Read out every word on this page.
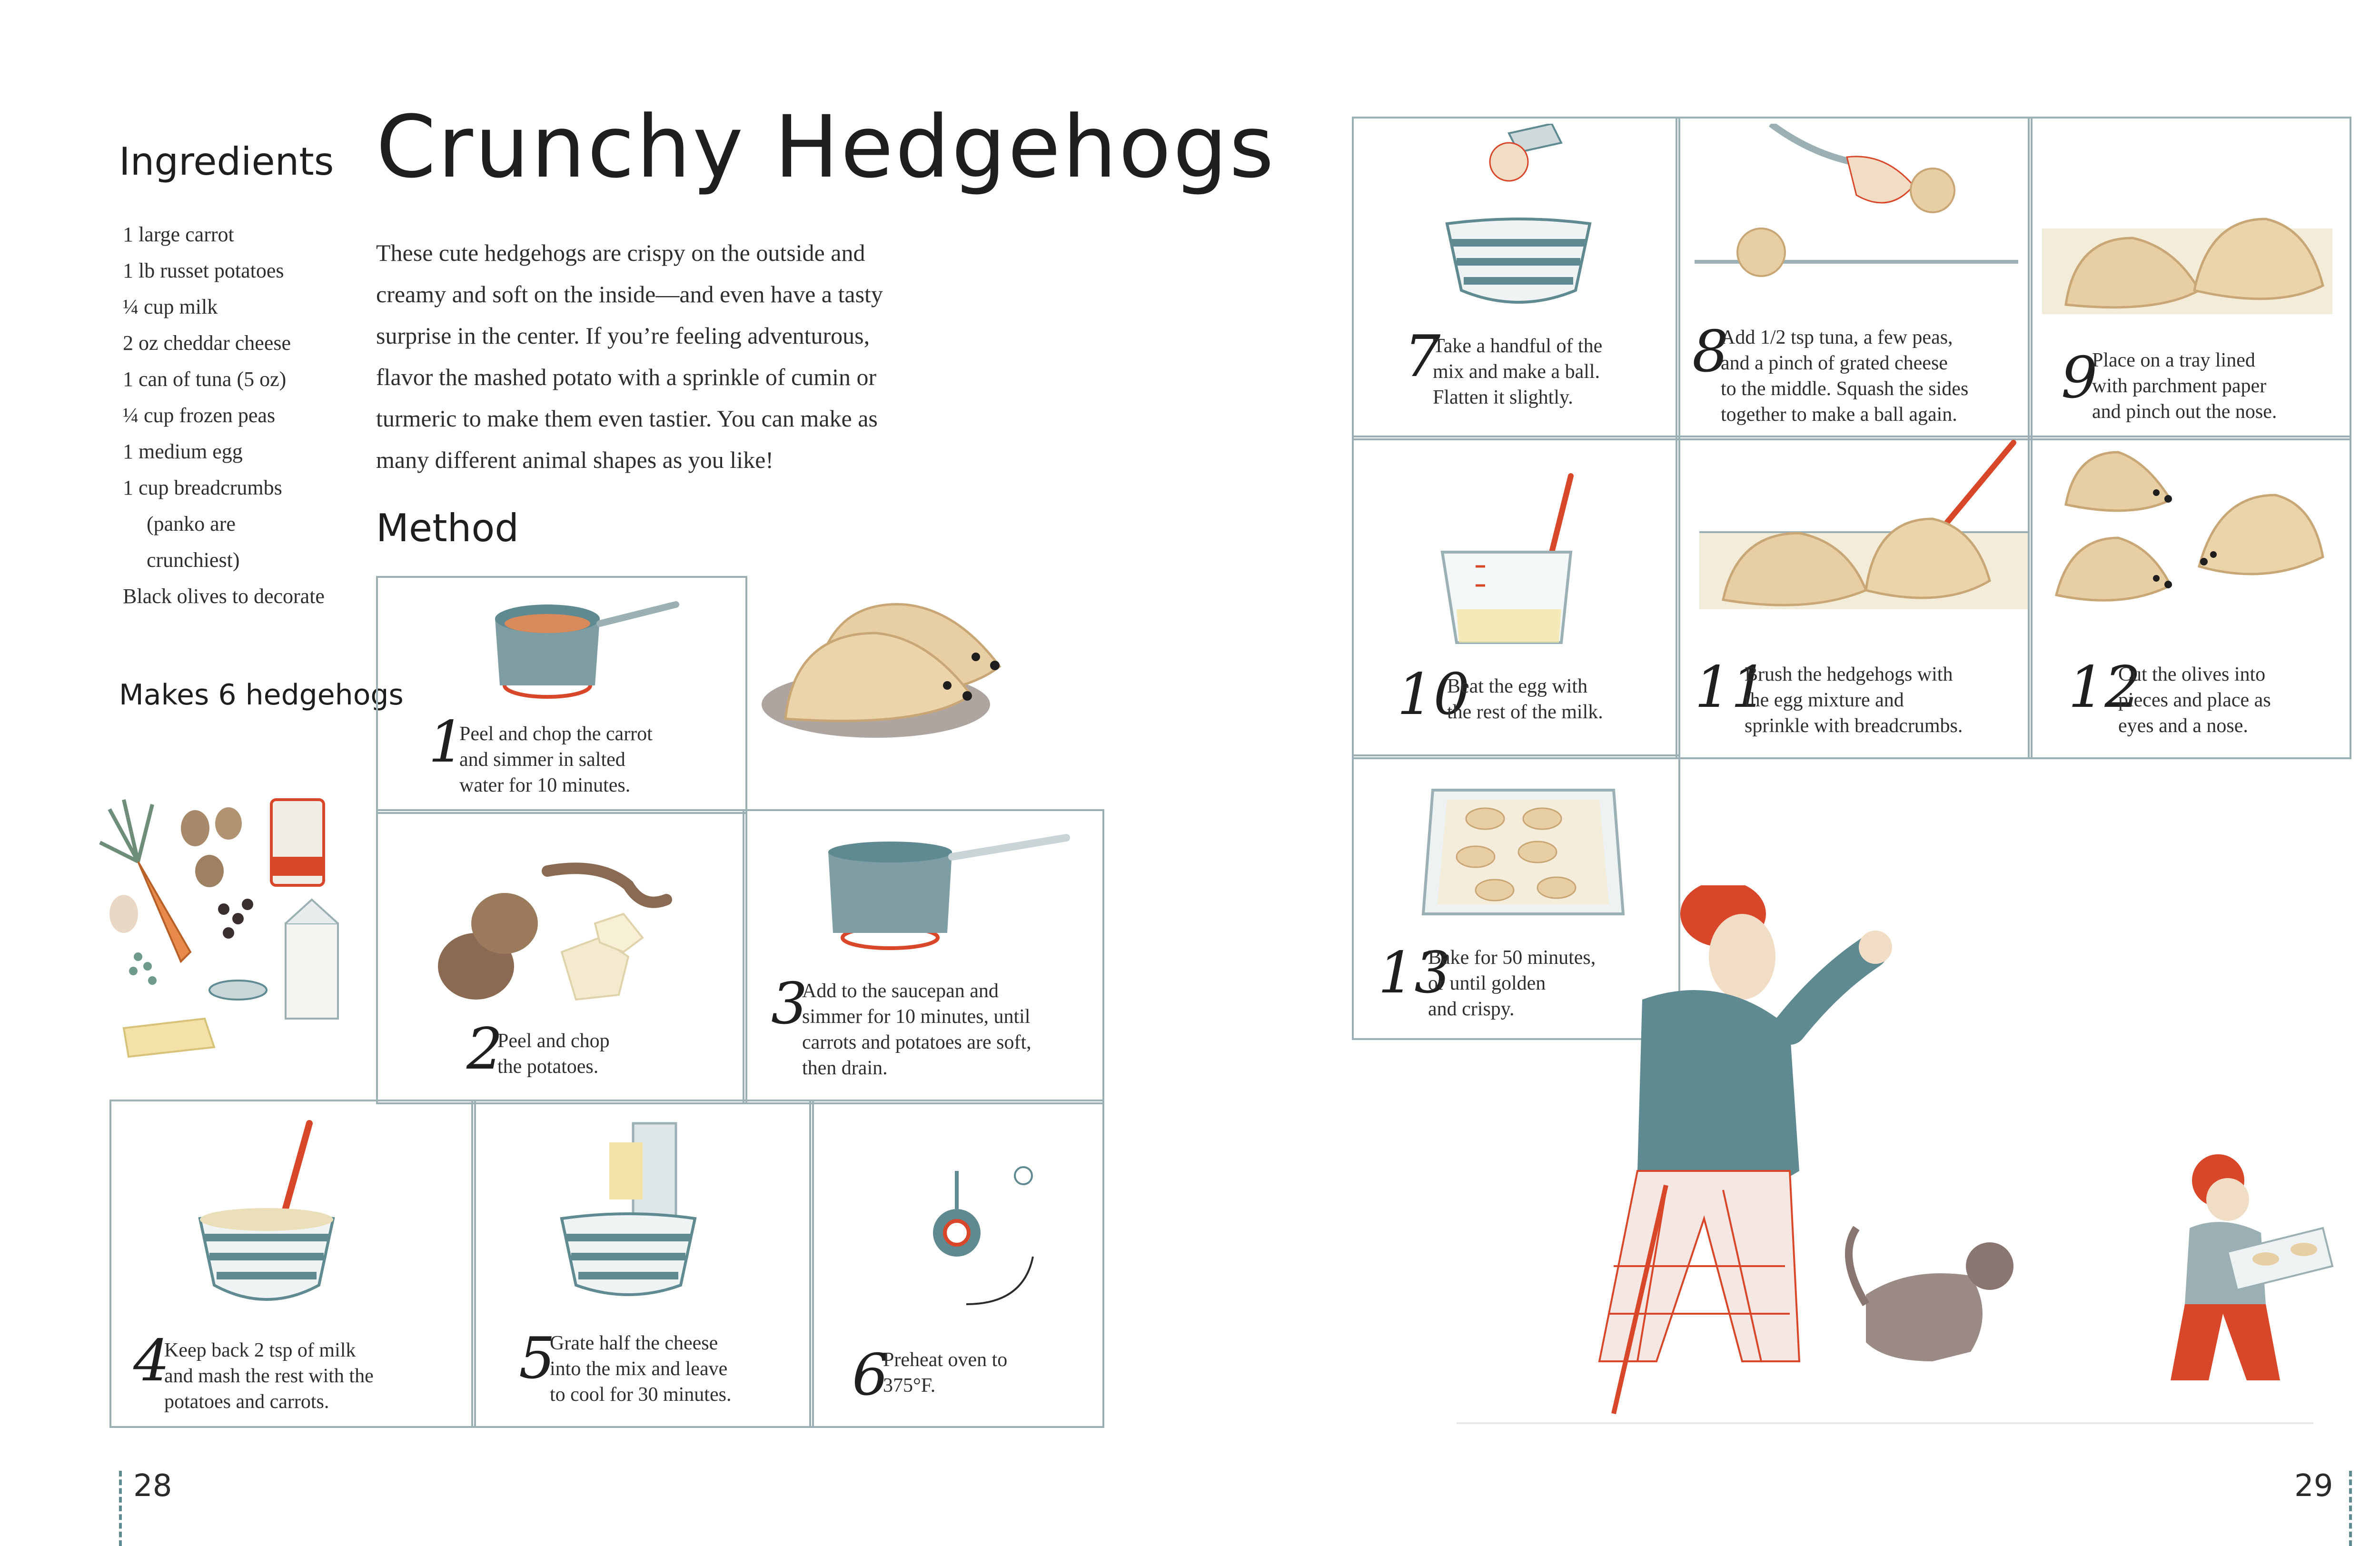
Crunchy Hedgehogs
Ingredients
1 large carrot
1 lb russet potatoes
¼ cup milk
2 oz cheddar cheese
1 can of tuna (5 oz)
¼ cup frozen peas
1 medium egg
1 cup breadcrumbs
(panko are
crunchiest)
Black olives to decorate
Makes 6 hedgehogs
These cute hedgehogs are crispy on the outside and
creamy and soft on the inside—and even have a tasty
surprise in the center. If you’re feeling adventurous,
flavor the mashed potato with a sprinkle of cumin or
turmeric to make them even tastier. You can make as
many different animal shapes as you like!
Method
1
Peel and chop the carrot
and simmer in salted
water for 10 minutes.
2
Peel and chop
the potatoes.
3
Add to the saucepan and
simmer for 10 minutes, until
carrots and potatoes are soft,
then drain.
4
Keep back 2 tsp of milk
and mash the rest with the
potatoes and carrots.
5
Grate half the cheese
into the mix and leave
to cool for 30 minutes. 6
Preheat oven to
375°F.
28
7
Take a handful of the
mix and make a ball.
Flatten it slightly.
8
Add 1/2 tsp tuna, a few peas,
and a pinch of grated cheese
to the middle. Squash the sides
together to make a ball again.
9
Place on a tray lined
with parchment paper
and pinch out the nose.
10
Beat the egg with
the rest of the milk. 11
Brush the hedgehogs with
the egg mixture and
sprinkle with breadcrumbs.
12
Cut the olives into
pieces and place as
eyes and a nose.
13
Bake for 50 minutes,
or until golden
and crispy.
29
